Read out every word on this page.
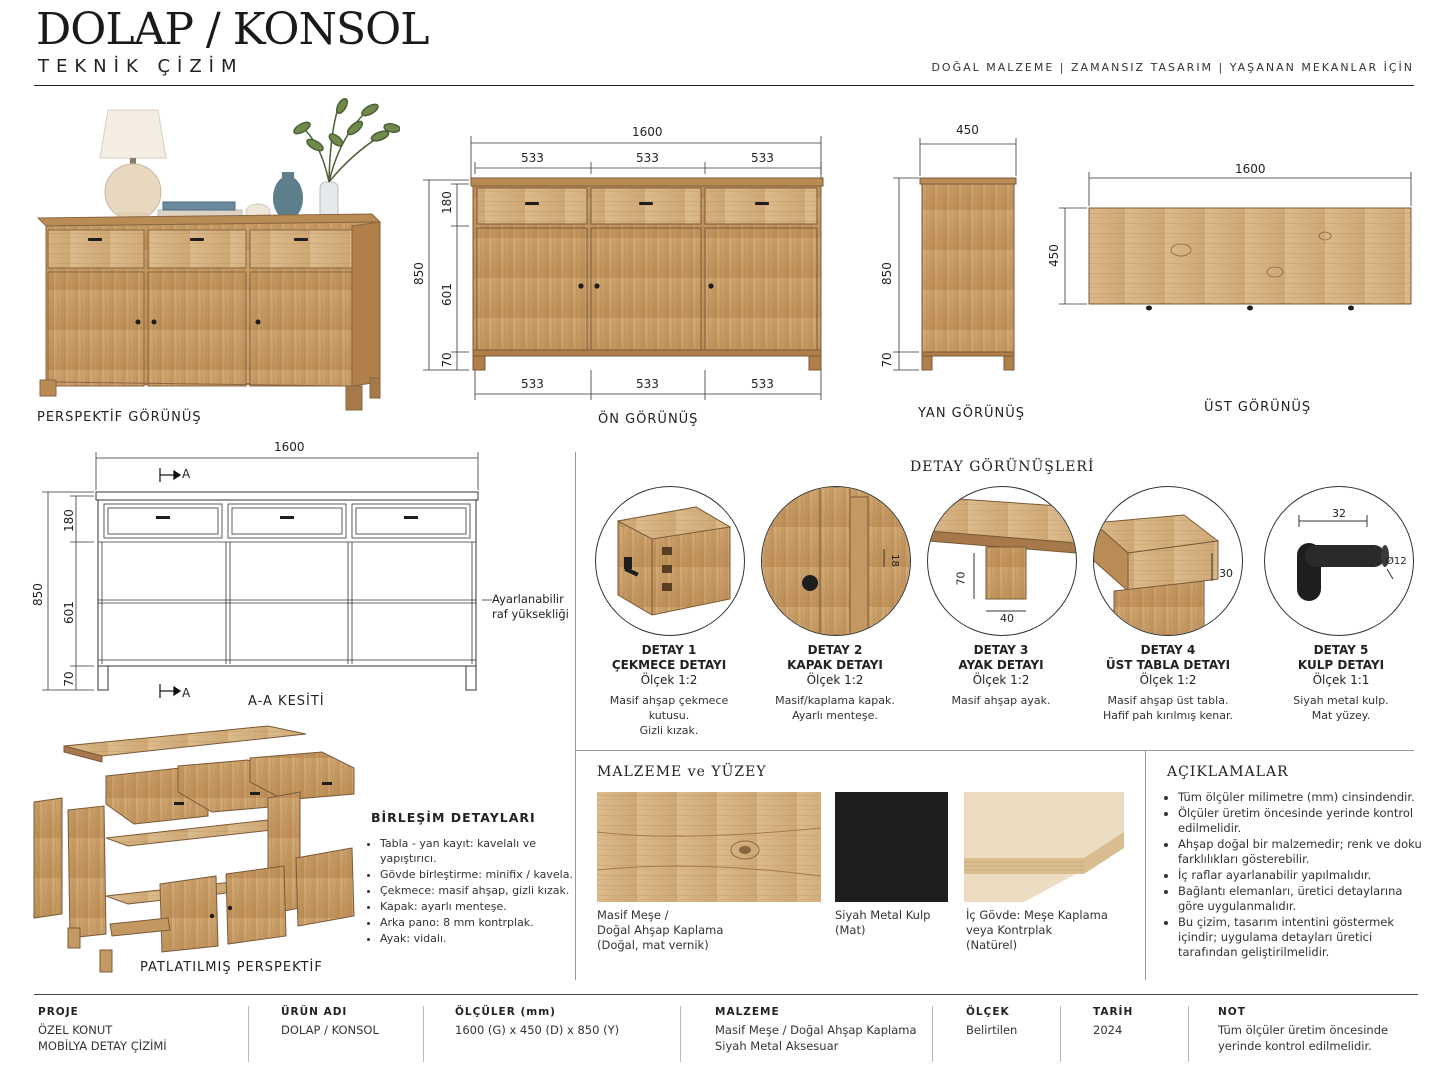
DOLAP / KONSOL
TEKNİK ÇİZİM	DOĞAL MALZEME | ZAMANSIZ TASARIM | YAŞANAN MEKANLAR İÇİN
PERSPEKTİF GÖRÜNÜŞ
1600
533	533	533
533	533	533
850
180
601
70
ÖN GÖRÜNÜŞ
450
850
70
YAN GÖRÜNÜŞ
1600
450
ÜST GÖRÜNÜŞ
1600
A
A
850
180
601
70
Ayarlanabilir raf yüksekliği
A-A KESİTİ
PATLATILMIŞ PERSPEKTİF
BİRLEŞİM DETAYLARI
• Tabla - yan kayıt: kavelalı ve yapıştırıcı.
• Gövde birleştirme: minifix / kavela.
• Çekmece: masif ahşap, gizli kızak.
• Kapak: ayarlı menteşe.
• Arka pano: 8 mm kontrplak.
• Ayak: vidalı.
DETAY GÖRÜNÜŞLERİ
18
70
40
30
32
Ø12
DETAY 1
ÇEKMECE DETAYI
Ölçek 1:2
Masif ahşap çekmece kutusu.
Gizli kızak.
DETAY 2
KAPAK DETAYI
Ölçek 1:2
Masif/kaplama kapak.
Ayarlı menteşe.
DETAY 3
AYAK DETAYI
Ölçek 1:2
Masif ahşap ayak.
DETAY 4
ÜST TABLA DETAYI
Ölçek 1:2
Masif ahşap üst tabla.
Hafif pah kırılmış kenar.
DETAY 5
KULP DETAYI
Ölçek 1:1
Siyah metal kulp.
Mat yüzey.
MALZEME ve YÜZEY
Masif Meşe /
Doğal Ahşap Kaplama
(Doğal, mat vernik)
Siyah Metal Kulp
(Mat)
İç Gövde: Meşe Kaplama
veya Kontrplak
(Natürel)
AÇIKLAMALAR
• Tüm ölçüler milimetre (mm) cinsindendir.
• Ölçüler üretim öncesinde yerinde kontrol edilmelidir.
• Ahşap doğal bir malzemedir; renk ve doku farklılıkları gösterebilir.
• İç raflar ayarlanabilir yapılmalıdır.
• Bağlantı elemanları, üretici detaylarına göre uygulanmalıdır.
• Bu çizim, tasarım intentini göstermek içindir; uygulama detayları üretici tarafından geliştirilmelidir.
PROJE
ÖZEL KONUT
MOBİLYA DETAY ÇİZİMİ
ÜRÜN ADI
DOLAP / KONSOL
ÖLÇÜLER (mm)
1600 (G) x 450 (D) x 850 (Y)
MALZEME
Masif Meşe / Doğal Ahşap Kaplama
Siyah Metal Aksesuar
ÖLÇEK
Belirtilen
TARİH
2024
NOT
Tüm ölçüler üretim öncesinde
yerinde kontrol edilmelidir.
